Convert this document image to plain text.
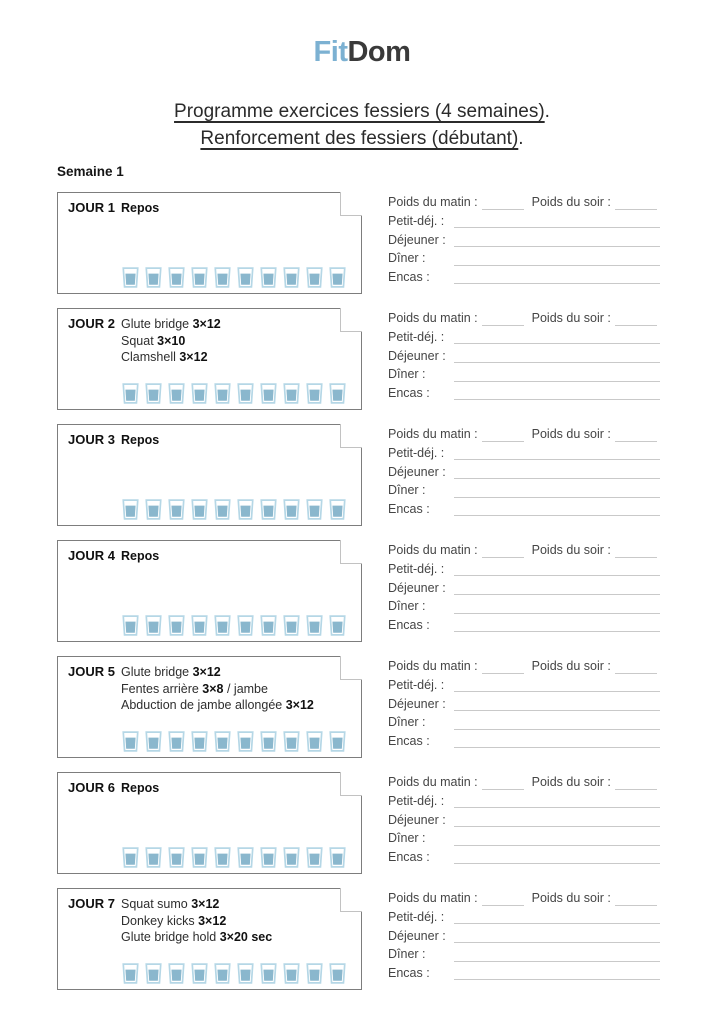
FitDom
Programme exercices fessiers (4 semaines).
Renforcement des fessiers (débutant).
Semaine 1
JOUR 1 Repos	Poids du matin :	Poids du soir :
Petit-déj. :
Déjeuner :
Dîner :
Encas :
JOUR 2 Glute bridge 3×12
Squat 3×10
Clamshell 3×12
Poids du matin :	Poids du soir :
Petit-déj. :
Déjeuner :
Dîner :
Encas :
JOUR 3 Repos	Poids du matin :	Poids du soir :
Petit-déj. :
Déjeuner :
Dîner :
Encas :
JOUR 4 Repos	Poids du matin :	Poids du soir :
Petit-déj. :
Déjeuner :
Dîner :
Encas :
JOUR 5 Glute bridge 3×12
Fentes arrière 3×8 / jambe
Abduction de jambe allongée 3×12
Poids du matin :	Poids du soir :
Petit-déj. :
Déjeuner :
Dîner :
Encas :
JOUR 6 Repos	Poids du matin :	Poids du soir :
Petit-déj. :
Déjeuner :
Dîner :
Encas :
JOUR 7 Squat sumo 3×12
Donkey kicks 3×12
Glute bridge hold 3×20 sec
Poids du matin :	Poids du soir :
Petit-déj. :
Déjeuner :
Dîner :
Encas :
